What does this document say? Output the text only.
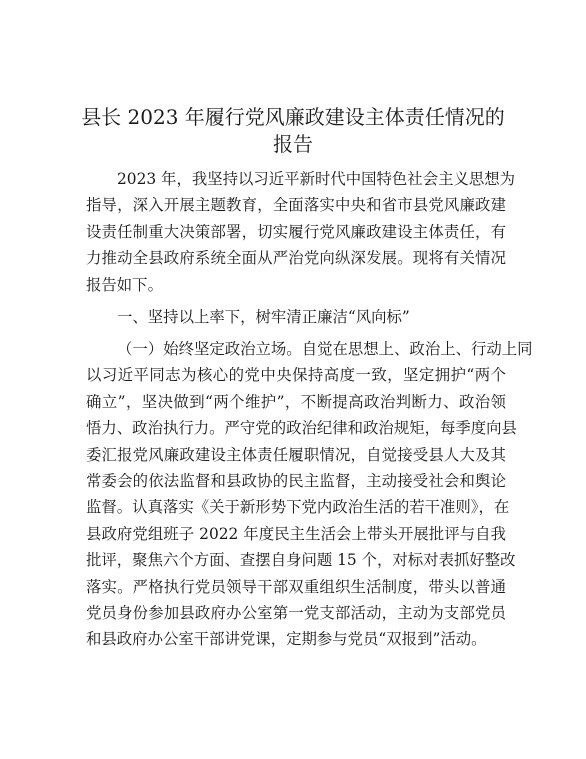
县长 2023 年履行党风廉政建设主体责任情况的
报告
2023 年，我坚持以习近平新时代中国特色社会主义思想为
指导，深入开展主题教育，全面落实中央和省市县党风廉政建
设责任制重大决策部署，切实履行党风廉政建设主体责任，有
力推动全县政府系统全面从严治党向纵深发展。现将有关情况
报告如下。
一、坚持以上率下，树牢清正廉洁“风向标”
（一）始终坚定政治立场。自觉在思想上、政治上、行动上同
以习近平同志为核心的党中央保持高度一致，坚定拥护“两个
确立”，坚决做到“两个维护”，不断提高政治判断力、政治领
悟力、政治执行力。严守党的政治纪律和政治规矩，每季度向县
委汇报党风廉政建设主体责任履职情况，自觉接受县人大及其
常委会的依法监督和县政协的民主监督，主动接受社会和舆论
监督。认真落实《关于新形势下党内政治生活的若干准则》，在
县政府党组班子 2022 年度民主生活会上带头开展批评与自我
批评，聚焦六个方面、查摆自身问题 15 个，对标对表抓好整改
落实。严格执行党员领导干部双重组织生活制度，带头以普通
党员身份参加县政府办公室第一党支部活动，主动为支部党员
和县政府办公室干部讲党课，定期参与党员“双报到”活动。
